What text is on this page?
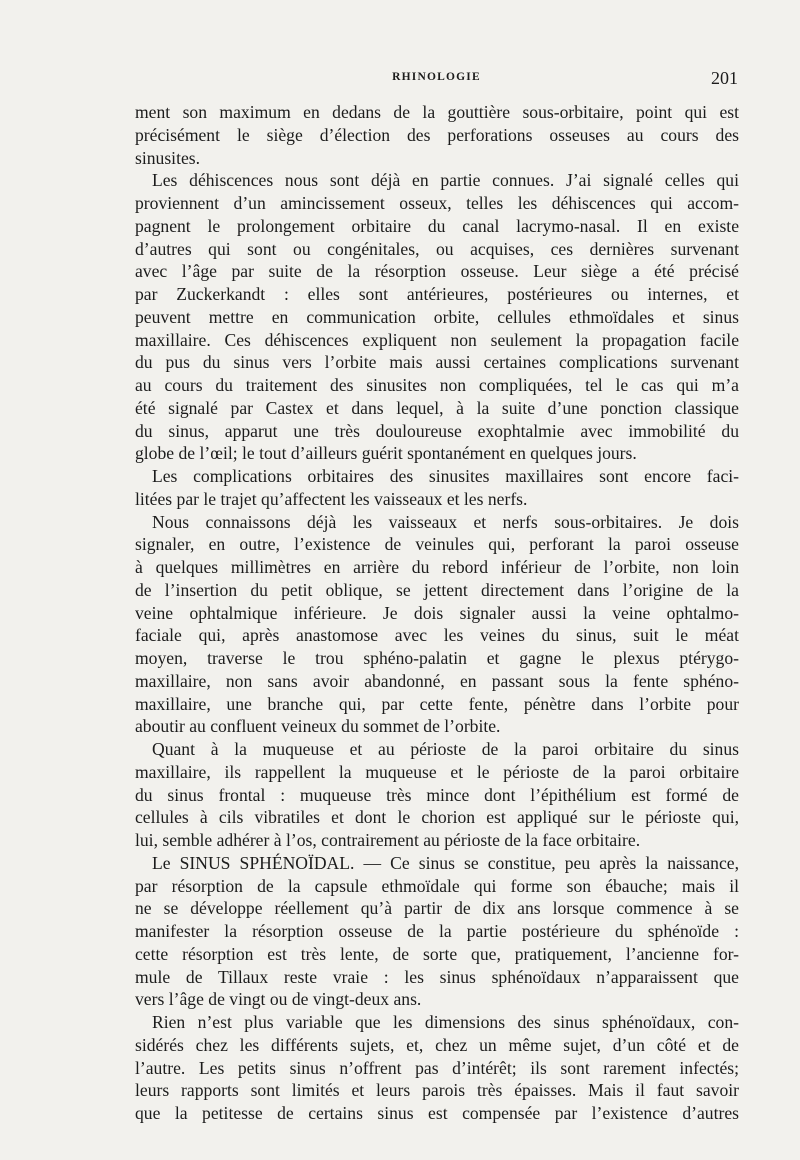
RHINOLOGIE	201
ment son maximum en dedans de la gouttière sous-orbitaire, point qui est
précisément le siège d’élection des perforations osseuses au cours des
sinusites.
Les déhiscences nous sont déjà en partie connues. J’ai signalé celles qui
proviennent d’un amincissement osseux, telles les déhiscences qui accom-
pagnent le prolongement orbitaire du canal lacrymo-nasal. Il en existe
d’autres qui sont ou congénitales, ou acquises, ces dernières survenant
avec l’âge par suite de la résorption osseuse. Leur siège a été précisé
par Zuckerkandt : elles sont antérieures, postérieures ou internes, et
peuvent mettre en communication orbite, cellules ethmoïdales et sinus
maxillaire. Ces déhiscences expliquent non seulement la propagation facile
du pus du sinus vers l’orbite mais aussi certaines complications survenant
au cours du traitement des sinusites non compliquées, tel le cas qui m’a
été signalé par Castex et dans lequel, à la suite d’une ponction classique
du sinus, apparut une très douloureuse exophtalmie avec immobilité du
globe de l’œil; le tout d’ailleurs guérit spontanément en quelques jours.
Les complications orbitaires des sinusites maxillaires sont encore faci-
litées par le trajet qu’affectent les vaisseaux et les nerfs.
Nous connaissons déjà les vaisseaux et nerfs sous-orbitaires. Je dois
signaler, en outre, l’existence de veinules qui, perforant la paroi osseuse
à quelques millimètres en arrière du rebord inférieur de l’orbite, non loin
de l’insertion du petit oblique, se jettent directement dans l’origine de la
veine ophtalmique inférieure. Je dois signaler aussi la veine ophtalmo-
faciale qui, après anastomose avec les veines du sinus, suit le méat
moyen, traverse le trou sphéno-palatin et gagne le plexus ptérygo-
maxillaire, non sans avoir abandonné, en passant sous la fente sphéno-
maxillaire, une branche qui, par cette fente, pénètre dans l’orbite pour
aboutir au confluent veineux du sommet de l’orbite.
Quant à la muqueuse et au périoste de la paroi orbitaire du sinus
maxillaire, ils rappellent la muqueuse et le périoste de la paroi orbitaire
du sinus frontal : muqueuse très mince dont l’épithélium est formé de
cellules à cils vibratiles et dont le chorion est appliqué sur le périoste qui,
lui, semble adhérer à l’os, contrairement au périoste de la face orbitaire.
Le SINUS SPHÉNOÏDAL. — Ce sinus se constitue, peu après la naissance,
par résorption de la capsule ethmoïdale qui forme son ébauche; mais il
ne se développe réellement qu’à partir de dix ans lorsque commence à se
manifester la résorption osseuse de la partie postérieure du sphénoïde :
cette résorption est très lente, de sorte que, pratiquement, l’ancienne for-
mule de Tillaux reste vraie : les sinus sphénoïdaux n’apparaissent que
vers l’âge de vingt ou de vingt-deux ans.
Rien n’est plus variable que les dimensions des sinus sphénoïdaux, con-
sidérés chez les différents sujets, et, chez un même sujet, d’un côté et de
l’autre. Les petits sinus n’offrent pas d’intérêt; ils sont rarement infectés;
leurs rapports sont limités et leurs parois très épaisses. Mais il faut savoir
que la petitesse de certains sinus est compensée par l’existence d’autres
